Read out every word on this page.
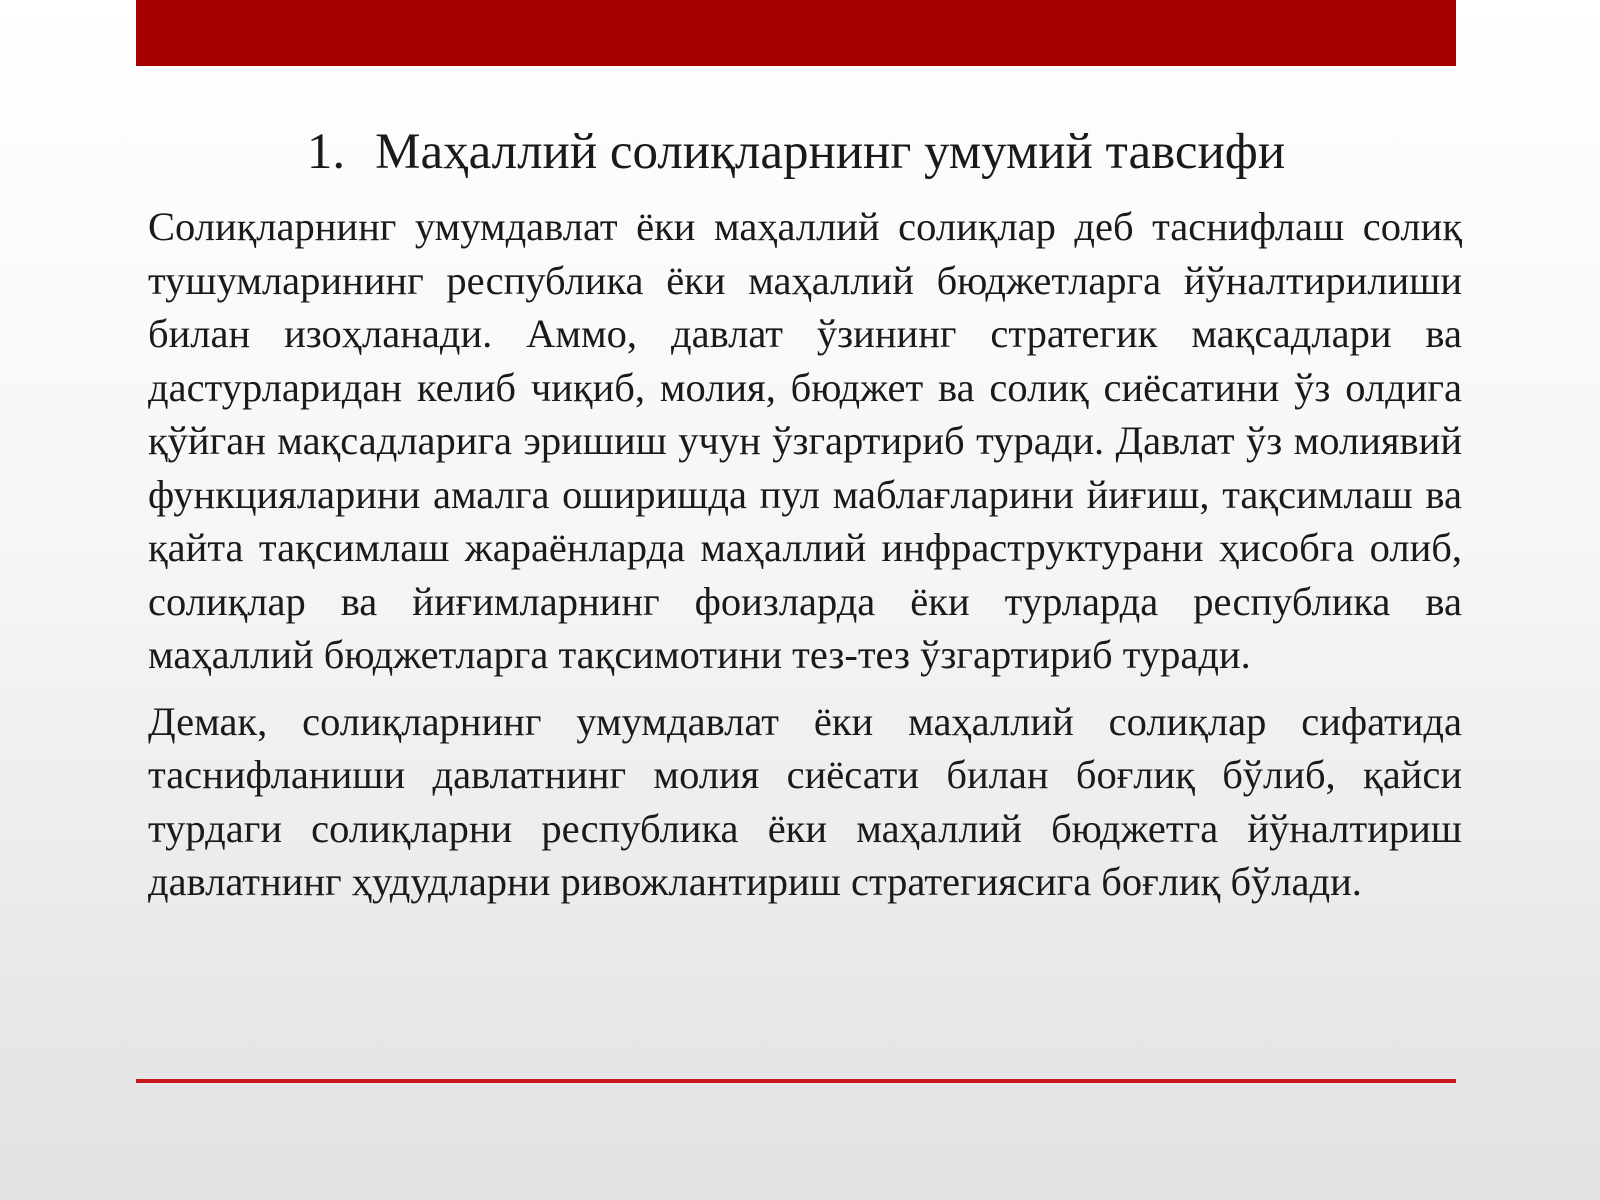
1. Маҳаллий солиқларнинг умумий тавсифи

Солиқларнинг умумдавлат ёки маҳаллий солиқлар деб таснифлаш солиқ тушумларининг республика ёки маҳаллий бюджетларга йўналтирилиши билан изоҳланади. Аммо, давлат ўзининг стратегик мақсадлари ва дастурларидан келиб чиқиб, молия, бюджет ва солиқ сиёсатини ўз олдига қўйган мақсадларига эришиш учун ўзгартириб туради. Давлат ўз молиявий функцияларини амалга оширишда пул маблағларини йиғиш, тақсимлаш ва қайта тақсимлаш жараёнларда маҳаллий инфраструктурани ҳисобга олиб, солиқлар ва йиғимларнинг фоизларда ёки турларда республика ва маҳаллий бюджетларга тақсимотини тез-тез ўзгартириб туради.

Демак, солиқларнинг умумдавлат ёки маҳаллий солиқлар сифатида таснифланиши давлатнинг молия сиёсати билан боғлиқ бўлиб, қайси турдаги солиқларни республика ёки маҳаллий бюджетга йўналтириш давлатнинг ҳудудларни ривожлантириш стратегиясига боғлиқ бўлади.
